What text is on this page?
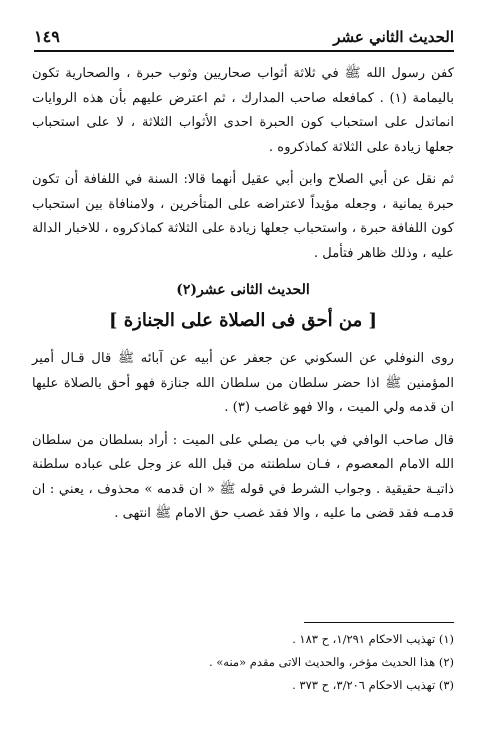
الحديث الثاني عشر
١٤٩

كفن رسول الله ﷺ في ثلاثة أثواب صحاريين وثوب حبرة ، والصحارية تكون باليمامة (١) . كمافعله صاحب المدارك ، ثم اعترض عليهم بأن هذه الروايات انماتدل على استحباب كون الحبرة احدى الأثواب الثلاثة ، لا على استحباب جعلها زيادة على الثلاثة كماذكروه .

ثم نقل عن أبي الصلاح وابن أبي عقيل أنهما قالا: السنة في اللفافة أن تكون حبرة يمانية ، وجعله مؤيداً لاعتراضه على المتأخرين ، ولامنافاة بين استحباب كون اللفافة حبرة ، واستحباب جعلها زيادة على الثلاثة كماذكروه ، للاخبار الدالة عليه ، وذلك ظاهر فتأمل .

الحديث الثانى عشر(٢)
[ من أحق فى الصلاة على الجنازة ]

روى النوفلي عن السكوني عن جعفر عن أبيه عن آبائه ﷺ قال قـال أمير المؤمنين ﷺ اذا حضر سلطان من سلطان الله جنازة فهو أحق بالصلاة عليها ان قدمه ولي الميت ، والا فهو غاصب (٣) .

قال صاحب الوافي في باب من يصلي على الميت : أراد بسلطان من سلطان الله الامام المعصوم ، فـان سلطنته من قبل الله عز وجل على عباده سلطنة ذاتيـة حقيقية . وجواب الشرط في قوله ﷺ « ان قدمه » محذوف ، يعني : ان قدمـه فقد قضى ما عليه ، والا فقد غصب حق الامام ﷺ انتهى .

(١) تهذيب الاحكام ١/٢٩١، ح ١٨٣ .

(٢) هذا الحديث مؤخر، والحديث الاتى مقدم «منه» .

(٣) تهذيب الاحكام ٣/٢٠٦، ح ٣٧٣ .
